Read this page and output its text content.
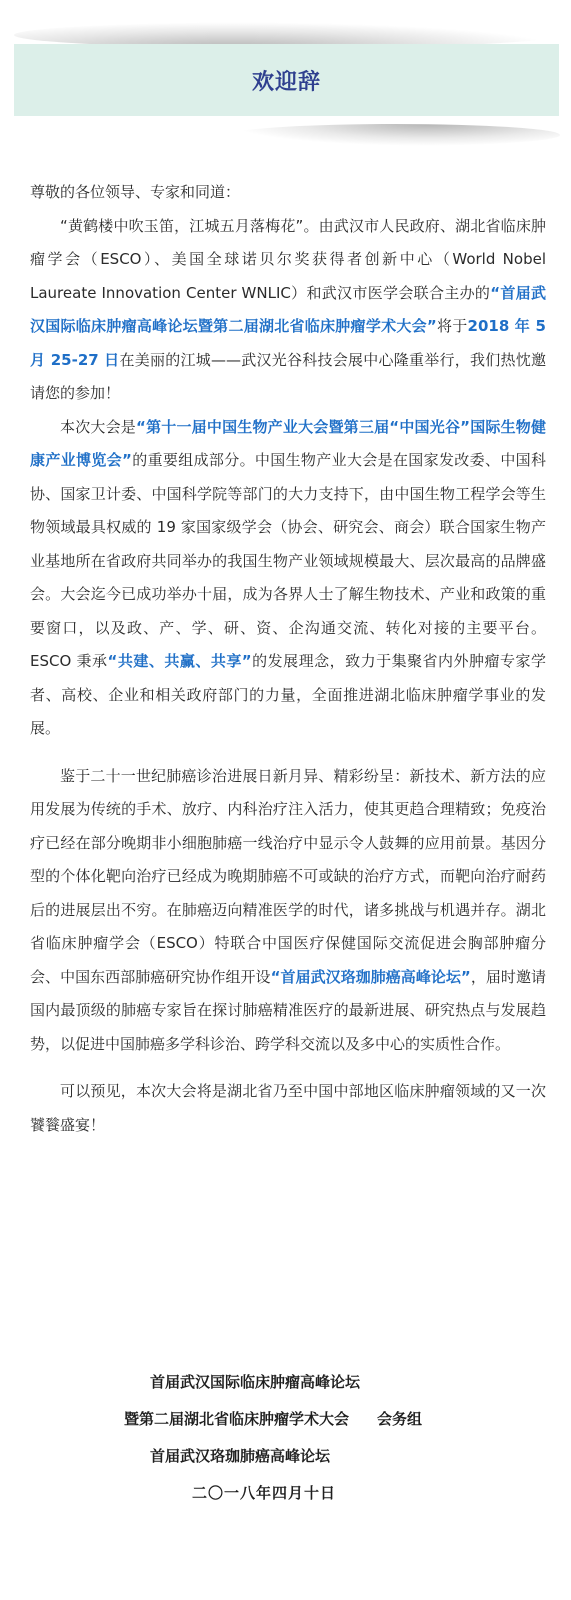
欢迎辞

尊敬的各位领导、专家和同道：

“黄鹤楼中吹玉笛，江城五月落梅花”。由武汉市人民政府、湖北省临床肿瘤学会（ESCO）、美国全球诺贝尔奖获得者创新中心（World Nobel Laureate Innovation Center WNLIC）和武汉市医学会联合主办的“首届武汉国际临床肿瘤高峰论坛暨第二届湖北省临床肿瘤学术大会”将于2018 年 5 月 25-27 日在美丽的江城——武汉光谷科技会展中心隆重举行，我们热忱邀请您的参加！

本次大会是“第十一届中国生物产业大会暨第三届“中国光谷”国际生物健康产业博览会”的重要组成部分。中国生物产业大会是在国家发改委、中国科协、国家卫计委、中国科学院等部门的大力支持下，由中国生物工程学会等生物领域最具权威的 19 家国家级学会（协会、研究会、商会）联合国家生物产业基地所在省政府共同举办的我国生物产业领域规模最大、层次最高的品牌盛会。大会迄今已成功举办十届，成为各界人士了解生物技术、产业和政策的重要窗口，以及政、产、学、研、资、企沟通交流、转化对接的主要平台。ESCO 秉承“共建、共赢、共享”的发展理念，致力于集聚省内外肿瘤专家学者、高校、企业和相关政府部门的力量，全面推进湖北临床肿瘤学事业的发展。

鉴于二十一世纪肺癌诊治进展日新月异、精彩纷呈：新技术、新方法的应用发展为传统的手术、放疗、内科治疗注入活力，使其更趋合理精致；免疫治疗已经在部分晚期非小细胞肺癌一线治疗中显示令人鼓舞的应用前景。基因分型的个体化靶向治疗已经成为晚期肺癌不可或缺的治疗方式，而靶向治疗耐药后的进展层出不穷。在肺癌迈向精准医学的时代，诸多挑战与机遇并存。湖北省临床肿瘤学会（ESCO）特联合中国医疗保健国际交流促进会胸部肿瘤分会、中国东西部肺癌研究协作组开设“首届武汉珞珈肺癌高峰论坛”，届时邀请国内最顶级的肺癌专家旨在探讨肺癌精准医疗的最新进展、研究热点与发展趋势，以促进中国肺癌多学科诊治、跨学科交流以及多中心的实质性合作。

可以预见，本次大会将是湖北省乃至中国中部地区临床肿瘤领域的又一次饕餮盛宴！

首届武汉国际临床肿瘤高峰论坛
暨第二届湖北省临床肿瘤学术大会 会务组
首届武汉珞珈肺癌高峰论坛
二〇一八年四月十日
